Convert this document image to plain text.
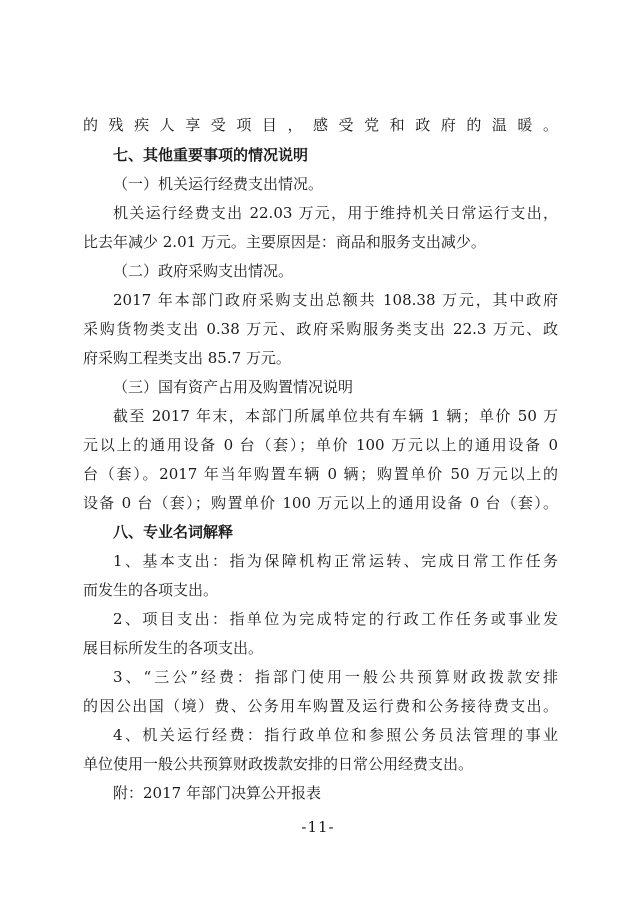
的残疾人享受项目，感受党和政府的温暖。
七、其他重要事项的情况说明
（一）机关运行经费支出情况。
机关运行经费支出 22.03 万元，用于维持机关日常运行支出，
比去年减少 2.01 万元。主要原因是：商品和服务支出减少。
（二）政府采购支出情况。
2017 年本部门政府采购支出总额共 108.38 万元，其中政府
采购货物类支出 0.38 万元、政府采购服务类支出 22.3 万元、政
府采购工程类支出 85.7 万元。
（三）国有资产占用及购置情况说明
截至 2017 年末，本部门所属单位共有车辆 1 辆；单价 50 万
元以上的通用设备 0 台（套）；单价 100 万元以上的通用设备 0
台（套）。2017 年当年购置车辆 0 辆；购置单价 50 万元以上的
设备 0 台（套）；购置单价 100 万元以上的通用设备 0 台（套）。
八、专业名词解释
1、基本支出：指为保障机构正常运转、完成日常工作任务
而发生的各项支出。
2、项目支出：指单位为完成特定的行政工作任务或事业发
展目标所发生的各项支出。
3、“三公”经费：指部门使用一般公共预算财政拨款安排
的因公出国（境）费、公务用车购置及运行费和公务接待费支出。
4、机关运行经费：指行政单位和参照公务员法管理的事业
单位使用一般公共预算财政拨款安排的日常公用经费支出。
附：2017 年部门决算公开报表
-11-
